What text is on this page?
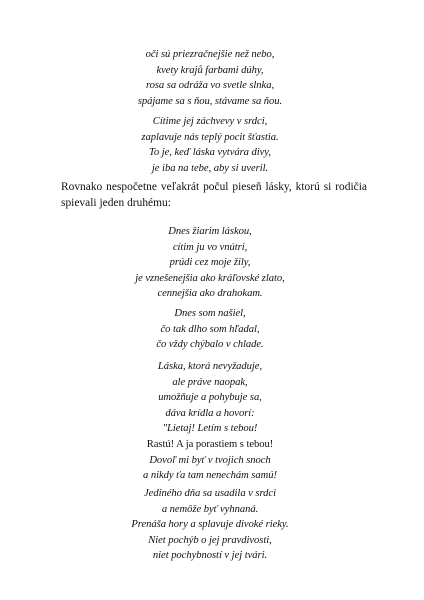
oči sú priezračnejšie než nebo,
kvety krajů farbami dúhy,
rosa sa odráža vo svetle slnka,
spájame sa s ňou, stávame sa ňou.
Cítime jej záchvevy v srdci,
zaplavuje nás teplý pocit šťastia.
To je, keď láska vytvára divy,
je iba na tebe, aby si uveril.
Rovnako nespočetne veľakrát počul pieseň lásky, ktorú si rodičia spievali jeden druhému:
Dnes žiarim láskou,
cítim ju vo vnútri,
prúdi cez moje žily,
je vznešenejšia ako kráľovské zlato,
cennejšia ako drahokam.
Dnes som našiel,
čo tak dlho som hľadal,
čo vždy chýbalo v chlade.
Láska, ktorá nevyžaduje,
ale práve naopak,
umožňuje a pohybuje sa,
dáva krídla a hovorí:
"Lietaj! Letím s tebou!
Rastú! A ja porastiem s tebou!
Dovoľ mi byť v tvojich snoch
a nikdy ťa tam nenechám samú!
Jediného dňa sa usadila v srdci
a nemôže byť vyhnaná.
Prenáša hory a splavuje divoké rieky.
Niet pochýb o jej pravdivosti,
niet pochybností v jej tvári.
